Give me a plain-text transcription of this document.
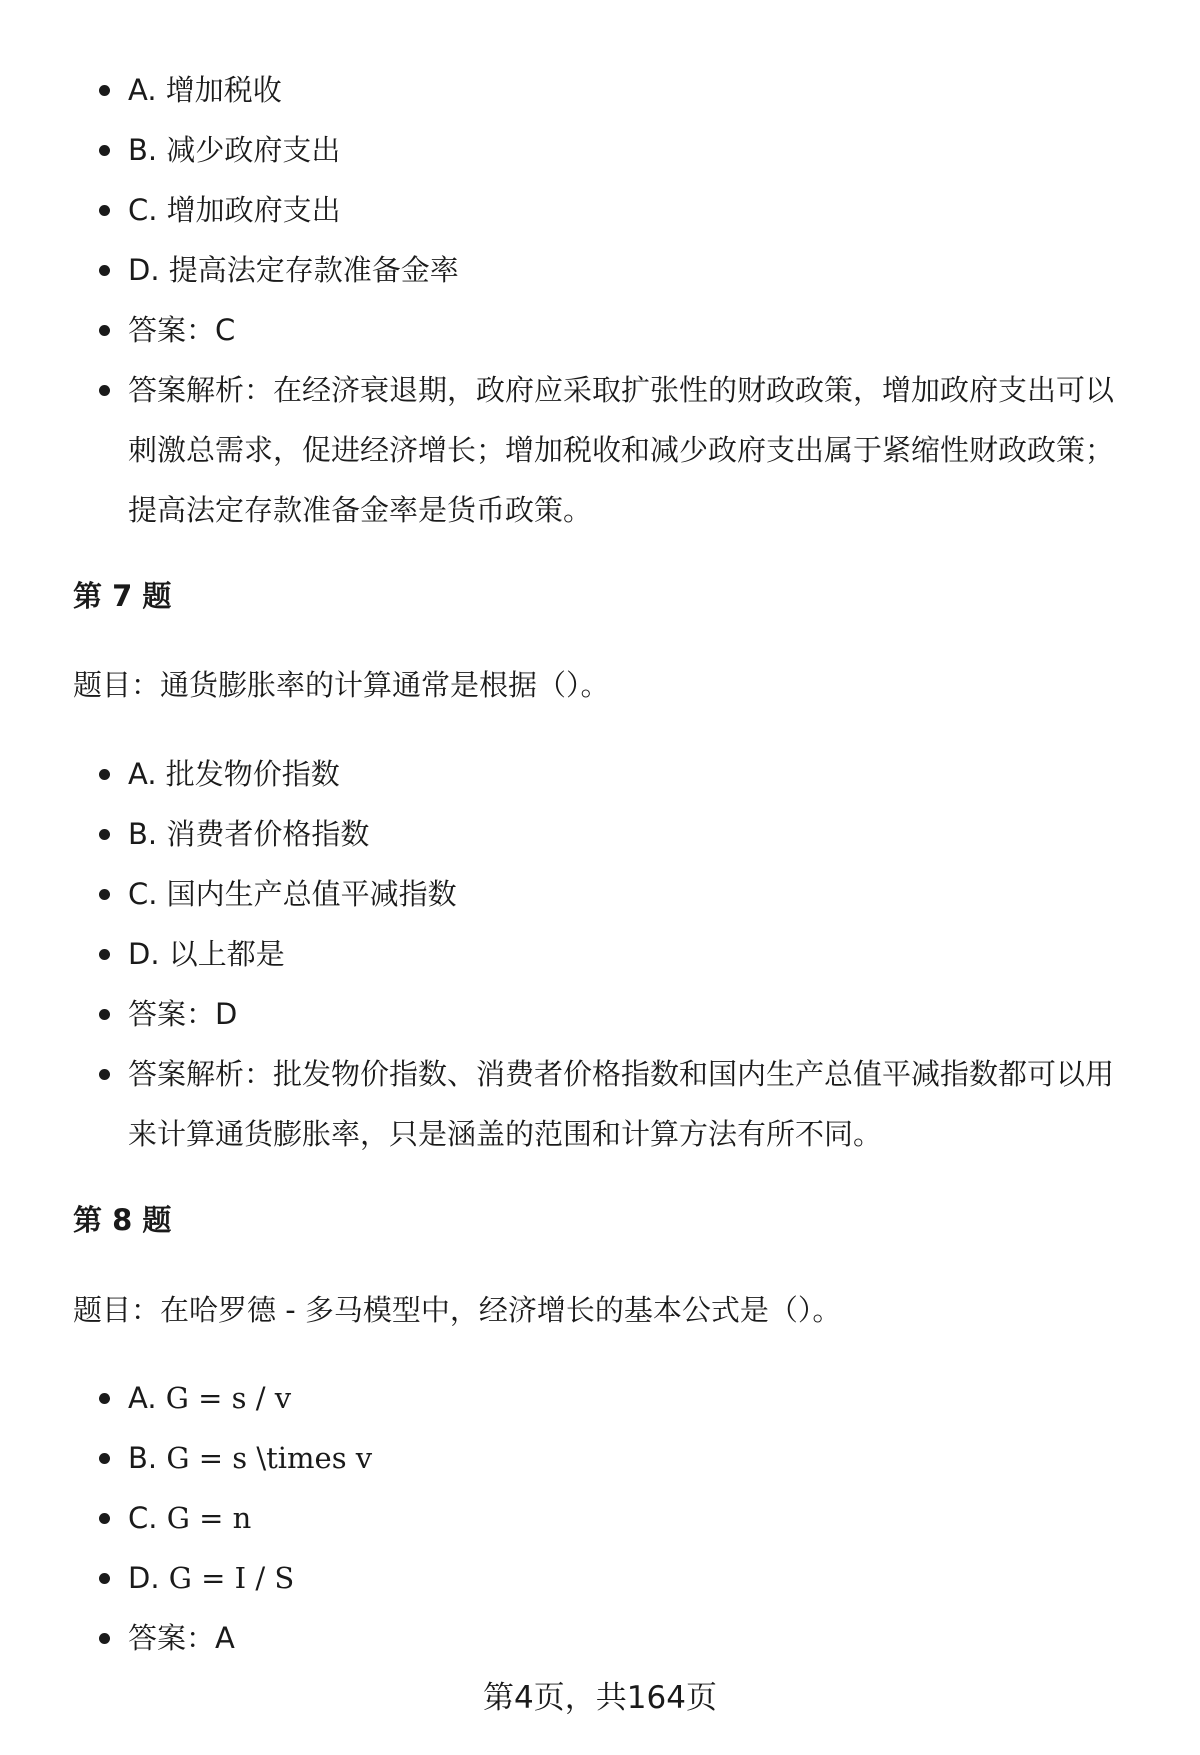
A. 增加税收
B. 减少政府支出
C. 增加政府支出
D. 提高法定存款准备金率
答案：C
答案解析：在经济衰退期，政府应采取扩张性的财政政策，增加政府支出可以刺激总需求，促进经济增长；增加税收和减少政府支出属于紧缩性财政政策；提高法定存款准备金率是货币政策。
第 7 题

题目：通货膨胀率的计算通常是根据（）。

A. 批发物价指数
B. 消费者价格指数
C. 国内生产总值平减指数
D. 以上都是
答案：D
答案解析：批发物价指数、消费者价格指数和国内生产总值平减指数都可以用来计算通货膨胀率，只是涵盖的范围和计算方法有所不同。
第 8 题

题目：在哈罗德 - 多马模型中，经济增长的基本公式是（）。

A. G = s / v
B. G = s \times v
C. G = n
D. G = I / S
答案：A
第4页，共164页
